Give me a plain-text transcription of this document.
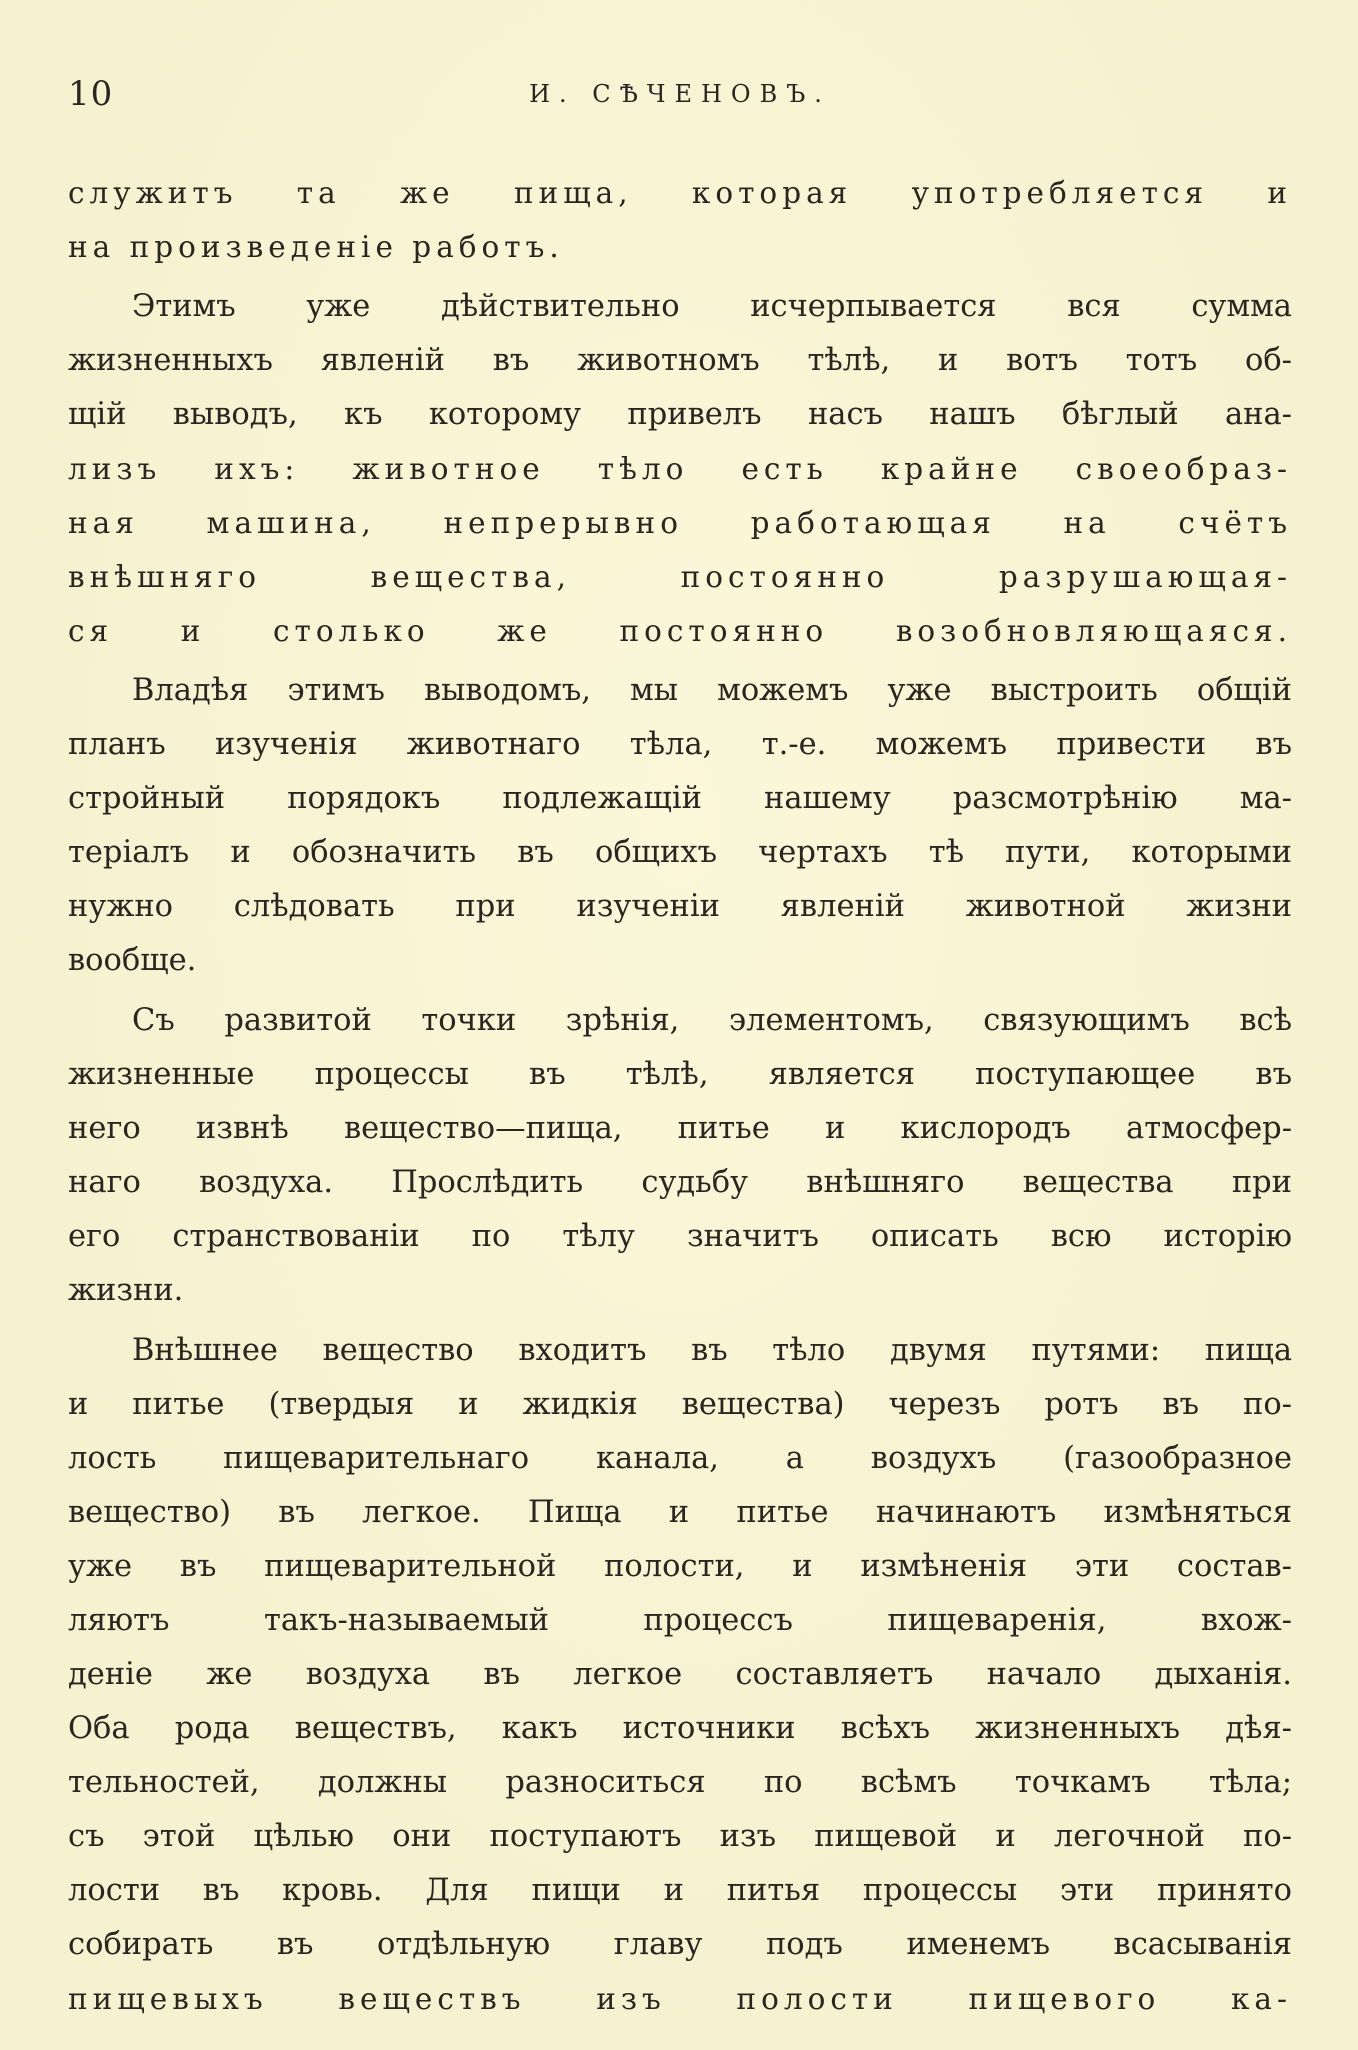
10	И. СѢЧЕНОВЪ.
служитъ та же пища, которая употребляется и
на произведеніе работъ.
Этимъ уже дѣйствительно исчерпывается вся сумма
жизненныхъ явленій въ животномъ тѣлѣ, и вотъ тотъ об-
щій выводъ, къ которому привелъ насъ нашъ бѣглый ана-
лизъ ихъ: животное тѣло есть крайне своеобраз-
ная машина, непрерывно работающая на счётъ
внѣшняго вещества, постоянно разрушающая-
ся и столько же постоянно возобновляющаяся.
Владѣя этимъ выводомъ, мы можемъ уже выстроить общій
планъ изученія животнаго тѣла, т.-е. можемъ привести въ
стройный порядокъ подлежащій нашему разсмотрѣнію ма-
теріалъ и обозначить въ общихъ чертахъ тѣ пути, которыми
нужно слѣдовать при изученіи явленій животной жизни
вообще.
Съ развитой точки зрѣнія, элементомъ, связующимъ всѣ
жизненные процессы въ тѣлѣ, является поступающее въ
него извнѣ вещество—пища, питье и кислородъ атмосфер-
наго воздуха. Прослѣдить судьбу внѣшняго вещества при
его странствованіи по тѣлу значитъ описать всю исторію
жизни.
Внѣшнее вещество входитъ въ тѣло двумя путями: пища
и питье (твердыя и жидкія вещества) черезъ ротъ въ по-
лость пищеварительнаго канала, а воздухъ (газообразное
вещество) въ легкое. Пища и питье начинаютъ измѣняться
уже въ пищеварительной полости, и измѣненія эти состав-
ляютъ такъ-называемый процессъ пищеваренія, вхож-
деніе же воздуха въ легкое составляетъ начало дыханія.
Оба рода веществъ, какъ источники всѣхъ жизненныхъ дѣя-
тельностей, должны разноситься по всѣмъ точкамъ тѣла;
съ этой цѣлью они поступаютъ изъ пищевой и легочной по-
лости въ кровь. Для пищи и питья процессы эти принято
собирать въ отдѣльную главу подъ именемъ всасыванія
пищевыхъ веществъ изъ полости пищевого ка-
